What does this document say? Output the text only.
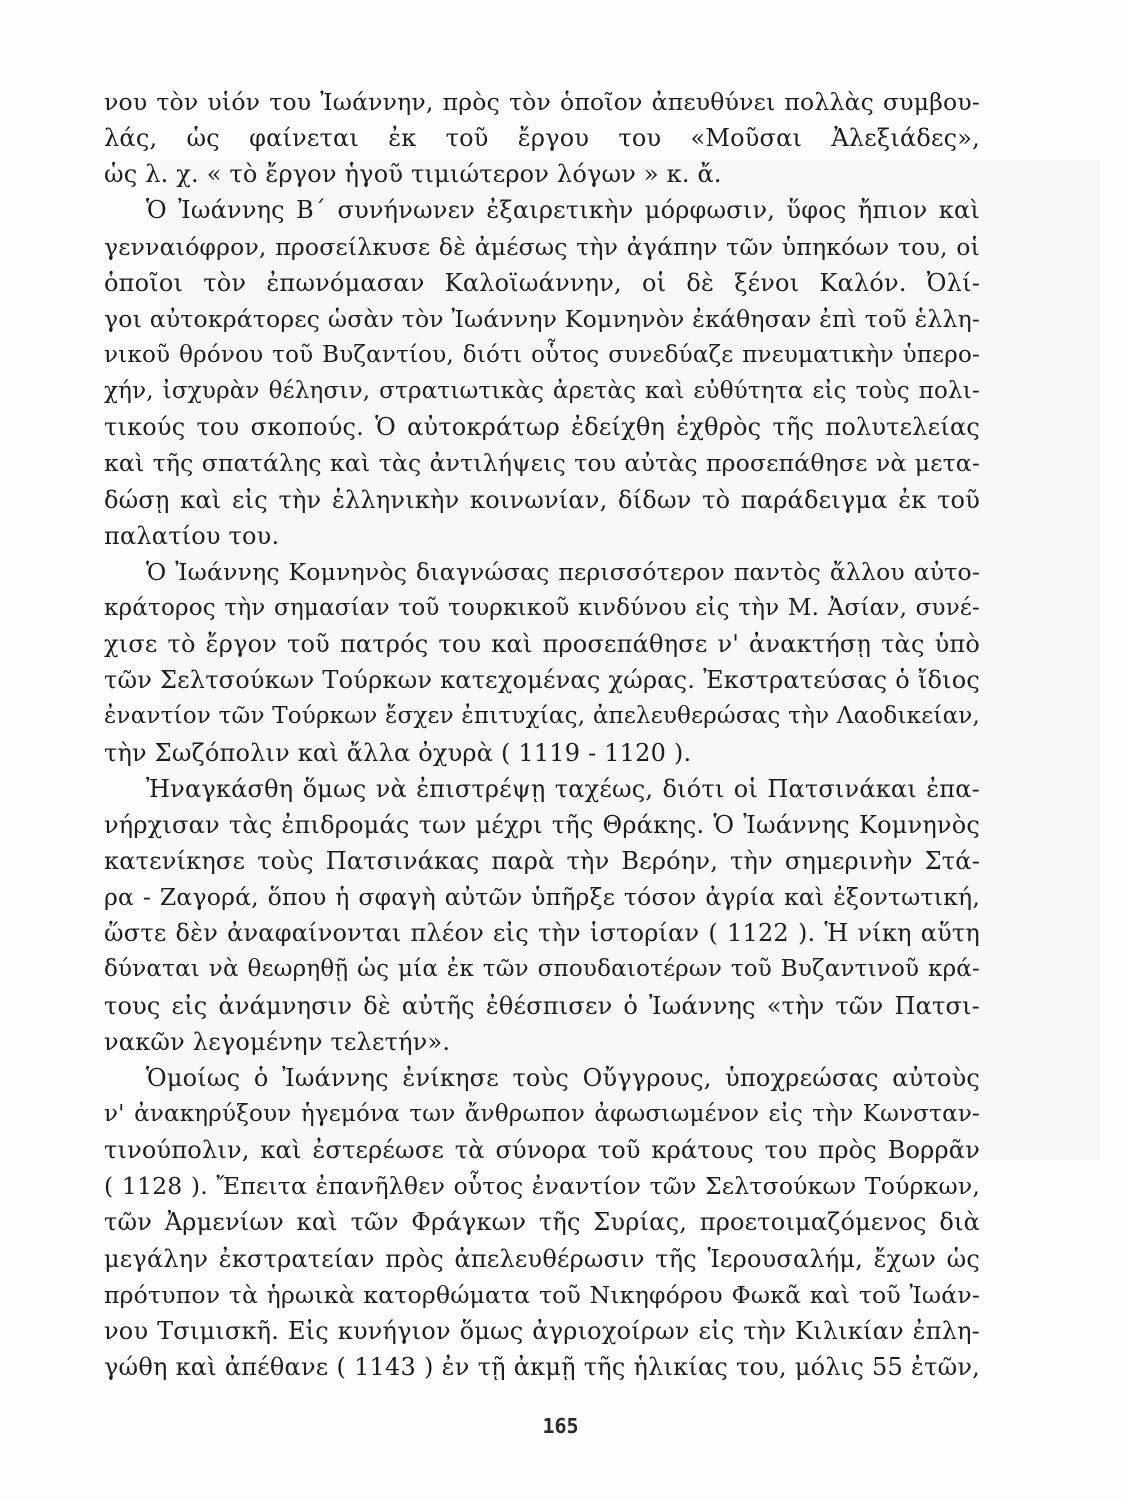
νου τὸν υἱόν του Ἰωάννην, πρὸς τὸν ὁποῖον ἀπευθύνει πολλὰς συμβου-
λάς, ὡς φαίνεται ἐκ τοῦ ἔργου του «Μοῦσαι Ἀλεξιάδες»,
ὡς λ. χ. « τὸ ἔργον ἡγοῦ τιμιώτερον λόγων » κ. ἄ.
Ὁ Ἰωάννης Β΄ συνήνωνεν ἐξαιρετικὴν μόρφωσιν, ὕφος ἤπιον καὶ
γενναιόφρον, προσείλκυσε δὲ ἀμέσως τὴν ἀγάπην τῶν ὑπηκόων του, οἱ
ὁποῖοι τὸν ἐπωνόμασαν Καλοϊωάννην, οἱ δὲ ξένοι Καλόν. Ὀλί-
γοι αὐτοκράτορες ὡσὰν τὸν Ἰωάννην Κομνηνὸν ἐκάθησαν ἐπὶ τοῦ ἑλλη-
νικοῦ θρόνου τοῦ Βυζαντίου, διότι οὗτος συνεδύαζε πνευματικὴν ὑπερο-
χήν, ἰσχυρὰν θέλησιν, στρατιωτικὰς ἀρετὰς καὶ εὐθύτητα εἰς τοὺς πολι-
τικούς του σκοπούς. Ὁ αὐτοκράτωρ ἐδείχθη ἐχθρὸς τῆς πολυτελείας
καὶ τῆς σπατάλης καὶ τὰς ἀντιλήψεις του αὐτὰς προσεπάθησε νὰ μετα-
δώσῃ καὶ εἰς τὴν ἑλληνικὴν κοινωνίαν, δίδων τὸ παράδειγμα ἐκ τοῦ
παλατίου του.
Ὁ Ἰωάννης Κομνηνὸς διαγνώσας περισσότερον παντὸς ἄλλου αὐτο-
κράτορος τὴν σημασίαν τοῦ τουρκικοῦ κινδύνου εἰς τὴν Μ. Ἀσίαν, συνέ-
χισε τὸ ἔργον τοῦ πατρός του καὶ προσεπάθησε ν' ἀνακτήσῃ τὰς ὑπὸ
τῶν Σελτσούκων Τούρκων κατεχομένας χώρας. Ἐκστρατεύσας ὁ ἴδιος
ἐναντίον τῶν Τούρκων ἔσχεν ἐπιτυχίας, ἀπελευθερώσας τὴν Λαοδικείαν,
τὴν Σωζόπολιν καὶ ἄλλα ὀχυρὰ ( 1119 - 1120 ).
Ἠναγκάσθη ὅμως νὰ ἐπιστρέψῃ ταχέως, διότι οἱ Πατσινάκαι ἐπα-
νήρχισαν τὰς ἐπιδρομάς των μέχρι τῆς Θράκης. Ὁ Ἰωάννης Κομνηνὸς
κατενίκησε τοὺς Πατσινάκας παρὰ τὴν Βερόην, τὴν σημερινὴν Στά-
ρα - Ζαγορά, ὅπου ἡ σφαγὴ αὐτῶν ὑπῆρξε τόσον ἀγρία καὶ ἐξοντωτική,
ὥστε δὲν ἀναφαίνονται πλέον εἰς τὴν ἱστορίαν ( 1122 ). Ἡ νίκη αὕτη
δύναται νὰ θεωρηθῇ ὡς μία ἐκ τῶν σπουδαιοτέρων τοῦ Βυζαντινοῦ κρά-
τους εἰς ἀνάμνησιν δὲ αὐτῆς ἐθέσπισεν ὁ Ἰωάννης «τὴν τῶν Πατσι-
νακῶν λεγομένην τελετήν».
Ὁμοίως ὁ Ἰωάννης ἐνίκησε τοὺς Οὔγγρους, ὑποχρεώσας αὐτοὺς
ν' ἀνακηρύξουν ἡγεμόνα των ἄνθρωπον ἀφωσιωμένον εἰς τὴν Κωνσταν-
τινούπολιν, καὶ ἐστερέωσε τὰ σύνορα τοῦ κράτους του πρὸς Βορρᾶν
( 1128 ). Ἔπειτα ἐπανῆλθεν οὗτος ἐναντίον τῶν Σελτσούκων Τούρκων,
τῶν Ἀρμενίων καὶ τῶν Φράγκων τῆς Συρίας, προετοιμαζόμενος διὰ
μεγάλην ἐκστρατείαν πρὸς ἀπελευθέρωσιν τῆς Ἱερουσαλήμ, ἔχων ὡς
πρότυπον τὰ ἡρωικὰ κατορθώματα τοῦ Νικηφόρου Φωκᾶ καὶ τοῦ Ἰωάν-
νου Τσιμισκῆ. Εἰς κυνήγιον ὅμως ἀγριοχοίρων εἰς τὴν Κιλικίαν ἐπλη-
γώθη καὶ ἀπέθανε ( 1143 ) ἐν τῇ ἀκμῇ τῆς ἡλικίας του, μόλις 55 ἐτῶν,
165
